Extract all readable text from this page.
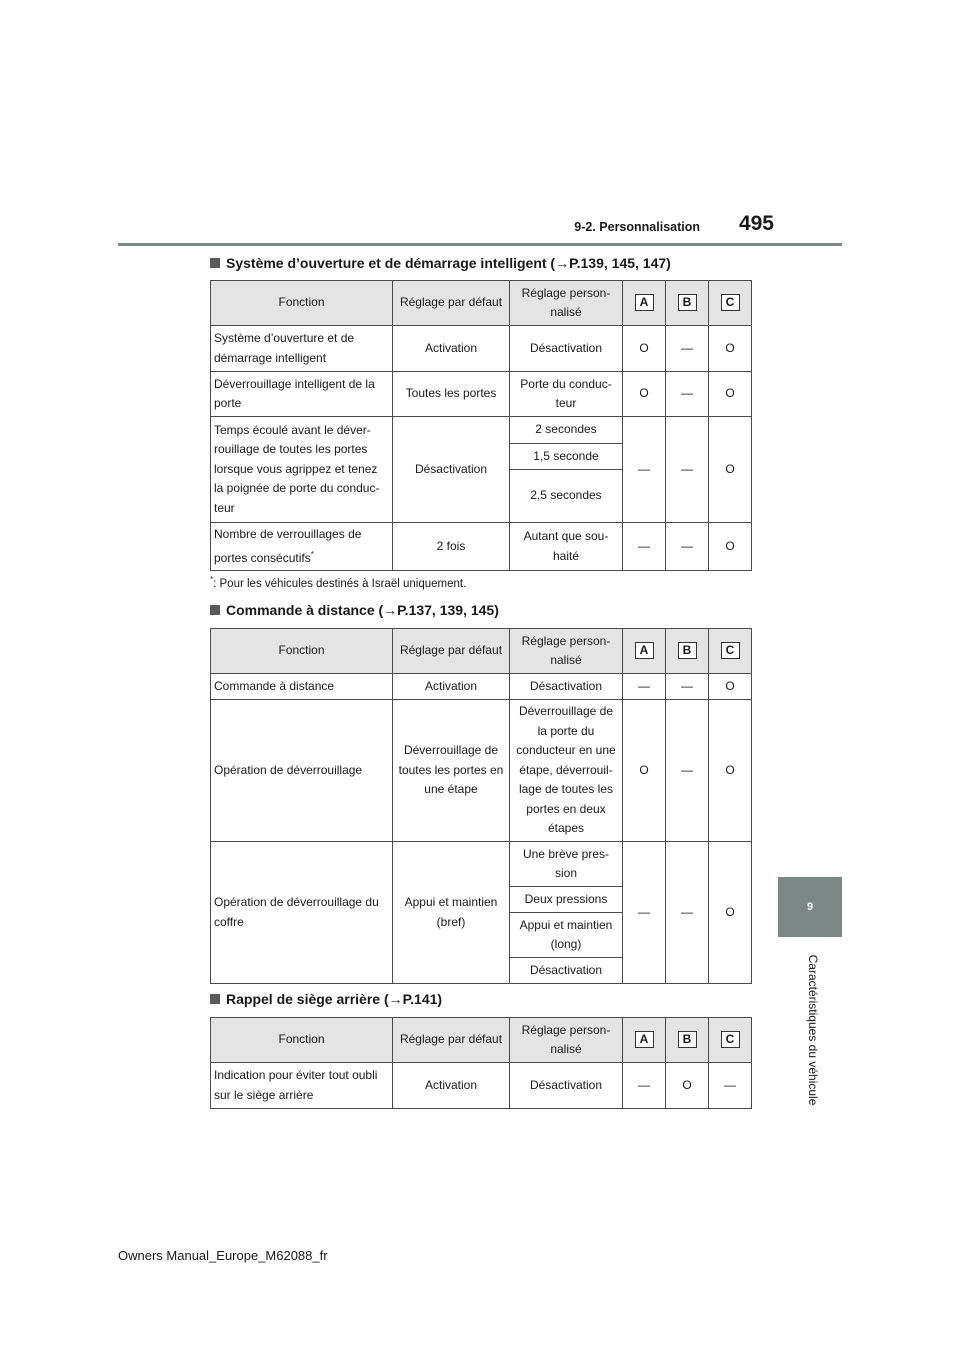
495
9-2. Personnalisation
9
Caractéristiques du véhicule
Système d’ouverture et de démarrage intelligent (→P.139, 145, 147)
Fonction	Réglage par défaut	Réglage person-nalisé	A	B	C
Système d’ouverture et de démarrage intelligent	Activation	Désactivation	O	—	O
Déverrouillage intelligent de la porte	Toutes les portes	Porte du conduc-teur	O	—	O
Temps écoulé avant le déver-rouillage de toutes les portes lorsque vous agrippez et tenez la poignée de porte du conduc-teur	Désactivation	2 secondes	—	—	O
		1,5 seconde			
		2,5 secondes			
Nombre de verrouillages de portes consécutifs*	2 fois	Autant que sou-haité	—	—	O
*: Pour les véhicules destinés à Israël uniquement.
Commande à distance (→P.137, 139, 145)
Fonction	Réglage par défaut	Réglage person-nalisé	A	B	C
Commande à distance	Activation	Désactivation	—	—	O
Opération de déverrouillage	Déverrouillage de toutes les portes en une étape	Déverrouillage de la porte du conducteur en une étape, déverrouil-lage de toutes les portes en deux étapes	O	—	O
Opération de déverrouillage du coffre	Appui et maintien (bref)	Une brève pres-sion	—	—	O
		Deux pressions			
		Appui et maintien (long)			
		Désactivation			
Rappel de siège arrière (→P.141)
Fonction	Réglage par défaut	Réglage person-nalisé	A	B	C
Indication pour éviter tout oubli sur le siège arrière	Activation	Désactivation	—	O	—
Owners Manual_Europe_M62088_fr
